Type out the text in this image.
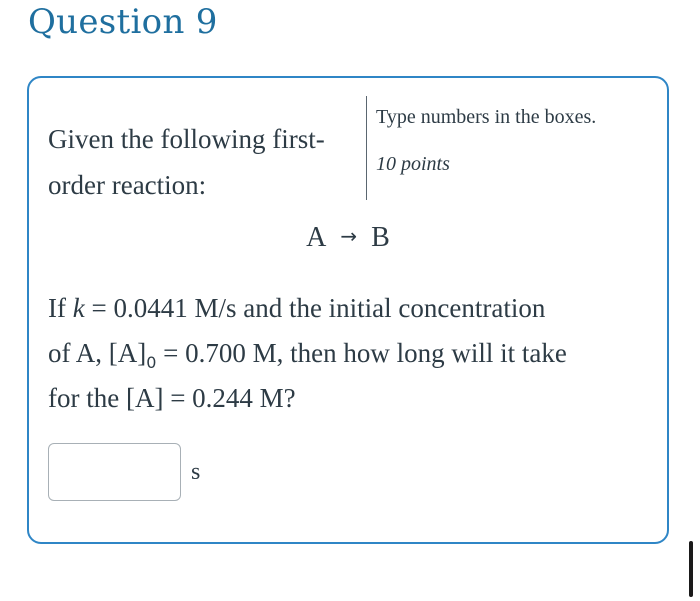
Question 9
Given the following first-
order reaction:
Type numbers in the boxes.
10 points
A → B
If k = 0.0441 M/s and the initial concentration
of A, $[A]_0 = 0.700$ M, then how long will it take
for the [A] = 0.244 M?
s
